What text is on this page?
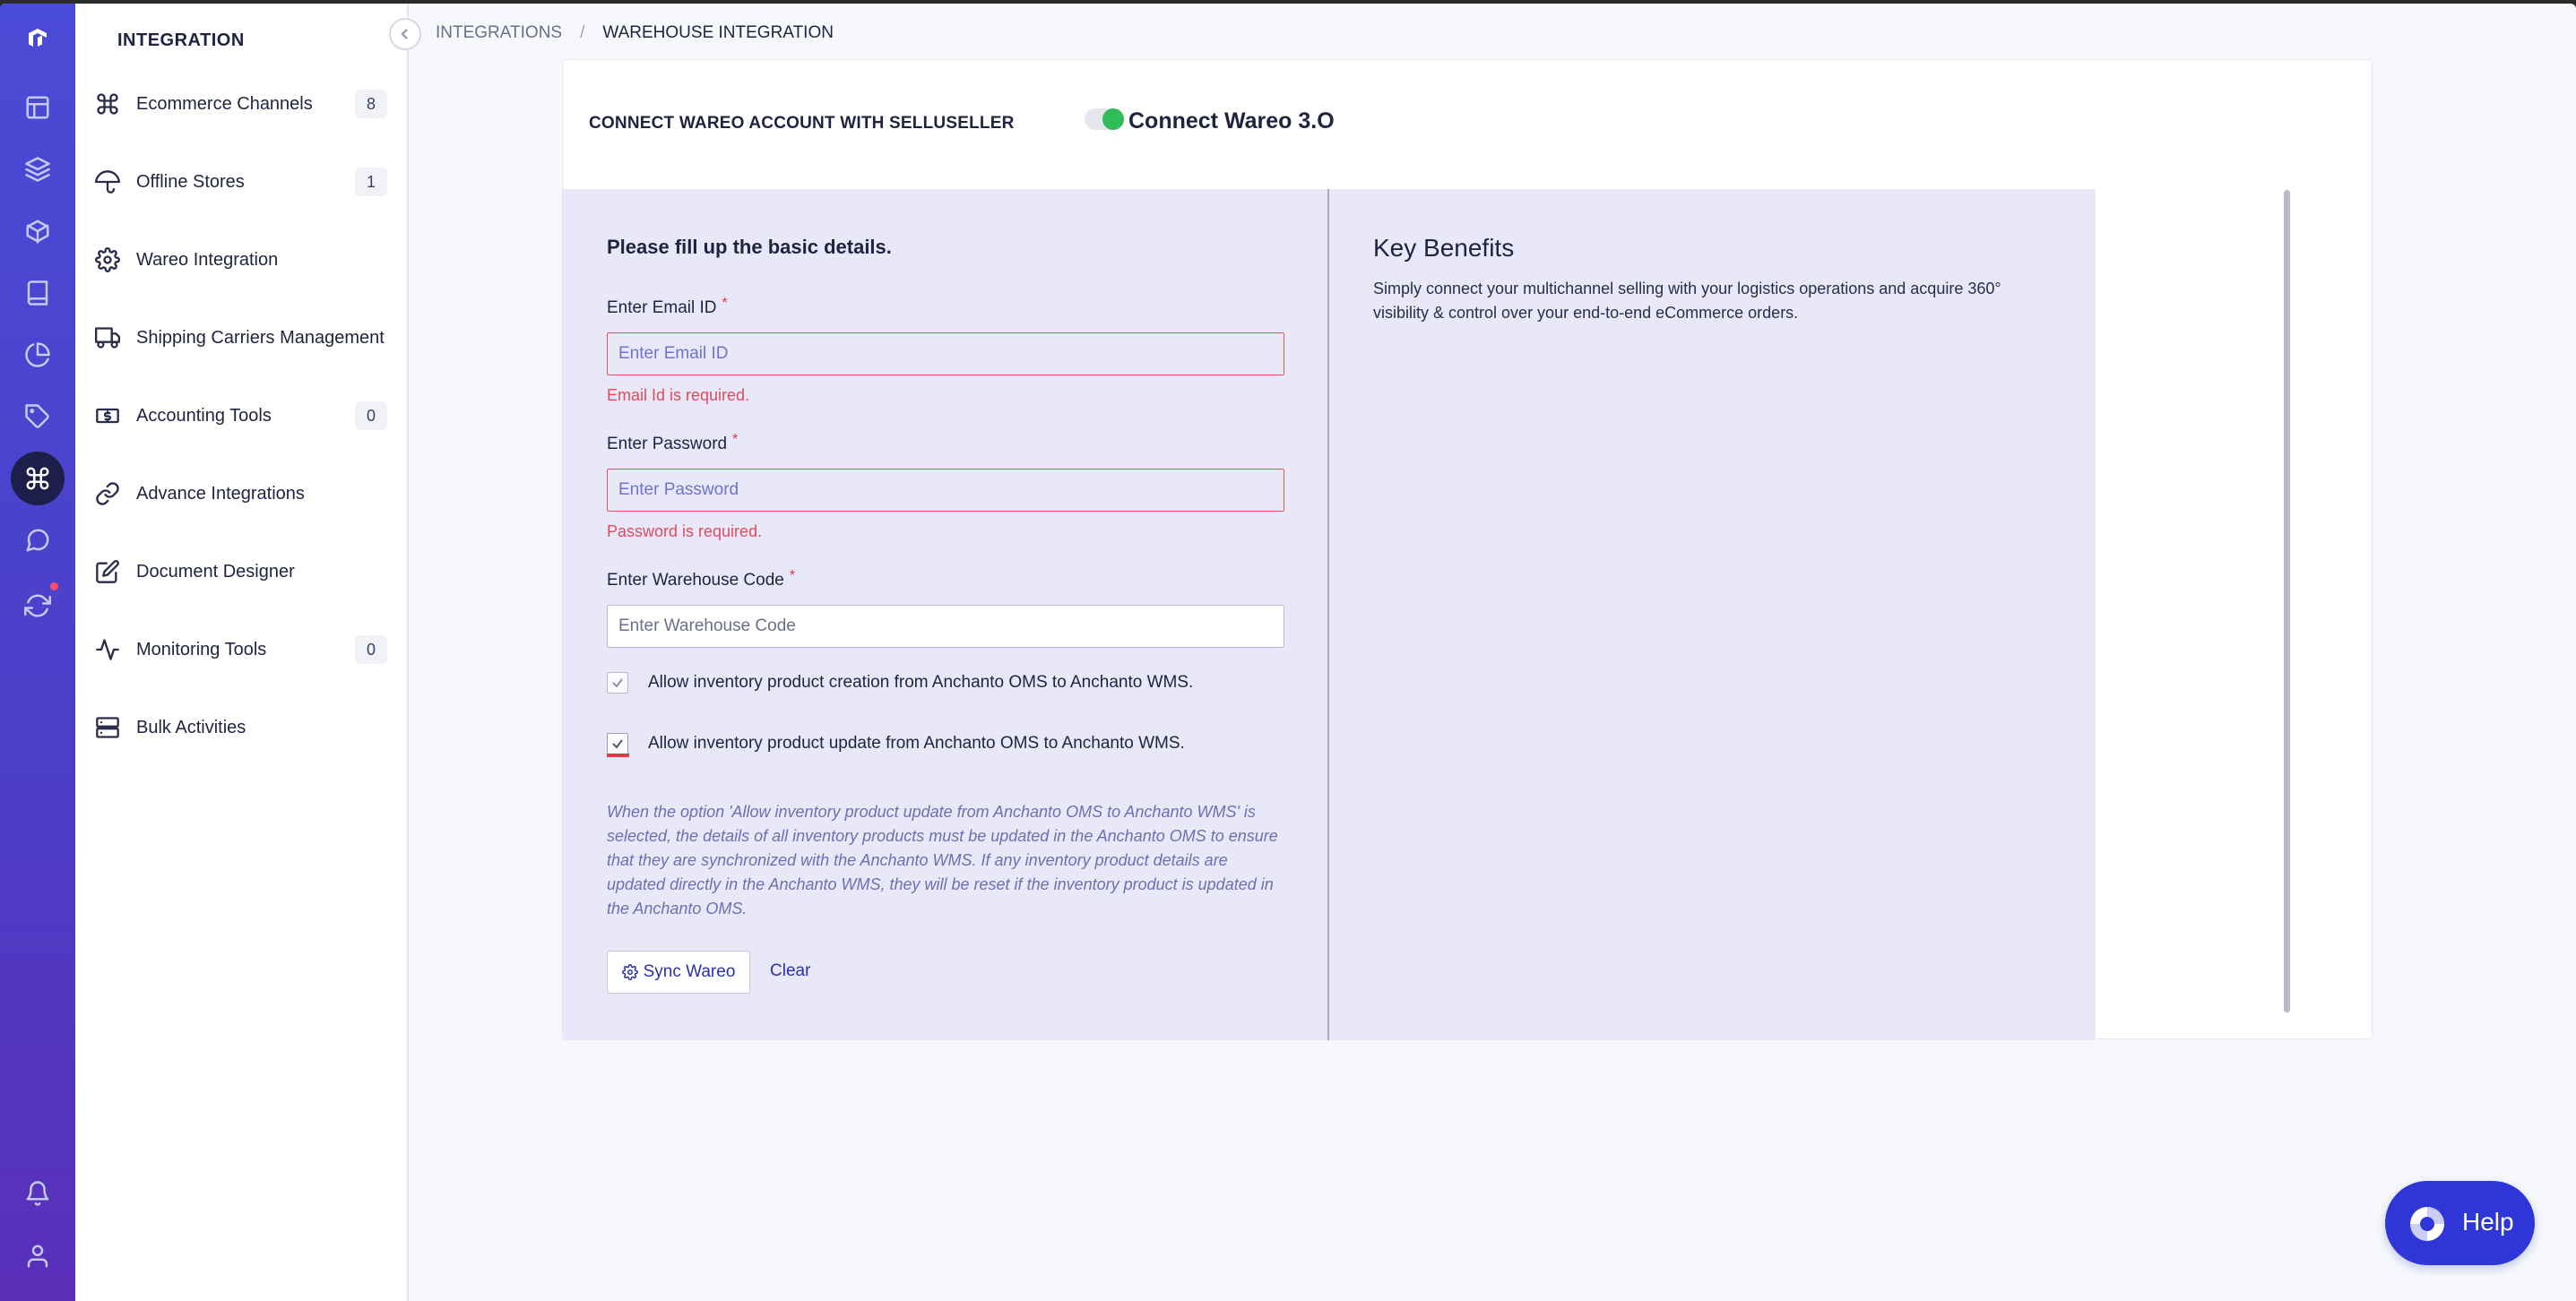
INTEGRATION
Ecommerce Channels	8
Offline Stores	1
Wareo Integration
Shipping Carriers Management
Accounting Tools	0
Advance Integrations
Document Designer
Monitoring Tools	0
Bulk Activities
INTEGRATIONS / WAREHOUSE INTEGRATION
CONNECT WAREO ACCOUNT WITH SELLUSELLER	Connect Wareo 3.O
Please fill up the basic details.
Enter Email ID *
Enter Email ID
Email Id is required.
Enter Password *
Password is required.
Enter Warehouse Code *
Enter Warehouse Code
Allow inventory product creation from Anchanto OMS to Anchanto WMS.
Allow inventory product update from Anchanto OMS to Anchanto WMS.
When the option 'Allow inventory product update from Anchanto OMS to Anchanto WMS' is selected, the details of all inventory products must be updated in the Anchanto OMS to ensure that they are synchronized with the Anchanto WMS. If any inventory product details are updated directly in the Anchanto WMS, they will be reset if the inventory product is updated in the Anchanto OMS.
Sync Wareo Clear
Key Benefits
Simply connect your multichannel selling with your logistics operations and acquire 360° visibility & control over your end-to-end eCommerce orders.
Help
